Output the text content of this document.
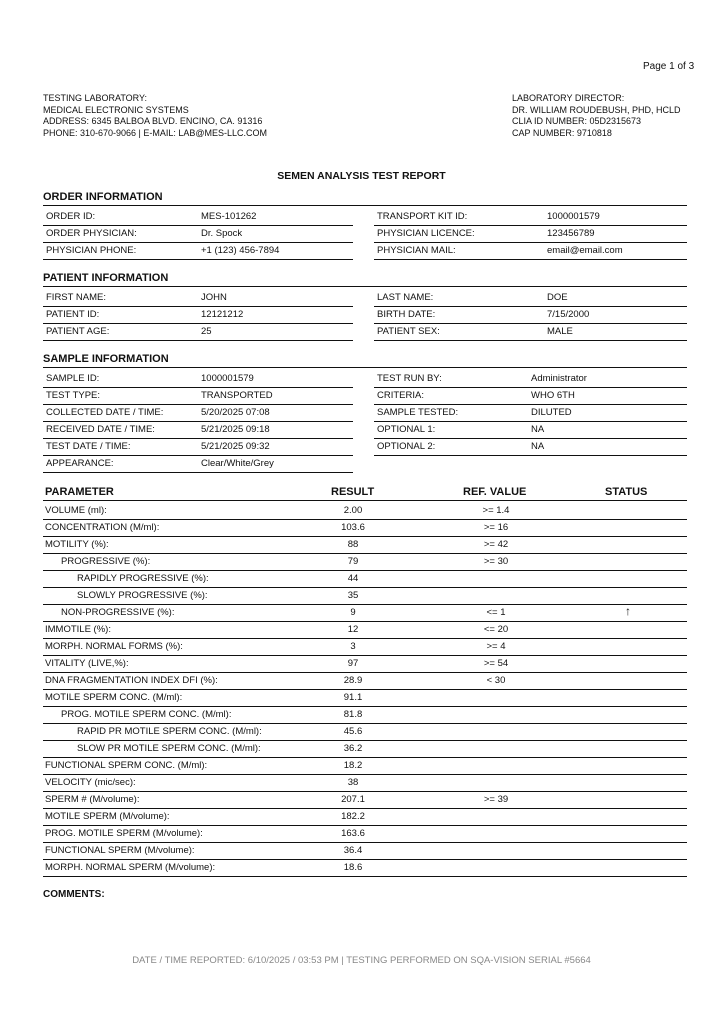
Page 1 of 3
TESTING LABORATORY:
MEDICAL ELECTRONIC SYSTEMS
ADDRESS: 6345 BALBOA BLVD. ENCINO, CA. 91316
PHONE: 310-670-9066 | E-MAIL: LAB@MES-LLC.COM
LABORATORY DIRECTOR:
DR. WILLIAM ROUDEBUSH, PHD, HCLD
CLIA ID NUMBER: 05D2315673
CAP NUMBER: 9710818
SEMEN ANALYSIS TEST REPORT
ORDER INFORMATION
PATIENT INFORMATION
SAMPLE INFORMATION
ORDER ID:	MES-101262
ORDER PHYSICIAN:	Dr. Spock
PHYSICIAN PHONE:	+1 (123) 456-7894
TRANSPORT KIT ID:	1000001579
PHYSICIAN LICENCE:	123456789
PHYSICIAN MAIL:	email@email.com
FIRST NAME:	JOHN
PATIENT ID:	12121212
PATIENT AGE:	25
LAST NAME:	DOE
BIRTH DATE:	7/15/2000
PATIENT SEX:	MALE
SAMPLE ID:	1000001579
TEST TYPE:	TRANSPORTED
COLLECTED DATE / TIME:	5/20/2025 07:08
RECEIVED DATE / TIME:	5/21/2025 09:18
TEST DATE / TIME:	5/21/2025 09:32
APPEARANCE:	Clear/White/Grey
TEST RUN BY:	Administrator
CRITERIA:	WHO 6TH
SAMPLE TESTED:	DILUTED
OPTIONAL 1:	NA
OPTIONAL 2:	NA
PARAMETER	RESULT	REF. VALUE	STATUS
VOLUME (ml):	2.00	>= 1.4
CONCENTRATION (M/ml):	103.6	>= 16
MOTILITY (%):	88	>= 42
PROGRESSIVE (%):	79	>= 30
RAPIDLY PROGRESSIVE (%):	44
SLOWLY PROGRESSIVE (%):	35
NON-PROGRESSIVE (%):	9	<= 1	↑
IMMOTILE (%):	12	<= 20
MORPH. NORMAL FORMS (%):	3	>= 4
VITALITY (LIVE,%):	97	>= 54
DNA FRAGMENTATION INDEX DFI (%):	28.9	< 30
MOTILE SPERM CONC. (M/ml):	91.1
PROG. MOTILE SPERM CONC. (M/ml):	81.8
RAPID PR MOTILE SPERM CONC. (M/ml):	45.6
SLOW PR MOTILE SPERM CONC. (M/ml):	36.2
FUNCTIONAL SPERM CONC. (M/ml):	18.2
VELOCITY (mic/sec):	38
SPERM # (M/volume):	207.1	>= 39
MOTILE SPERM (M/volume):	182.2
PROG. MOTILE SPERM (M/volume):	163.6
FUNCTIONAL SPERM (M/volume):	36.4
MORPH. NORMAL SPERM (M/volume):	18.6
COMMENTS:
DATE / TIME REPORTED: 6/10/2025 / 03:53 PM | TESTING PERFORMED ON SQA-VISION SERIAL #5664
